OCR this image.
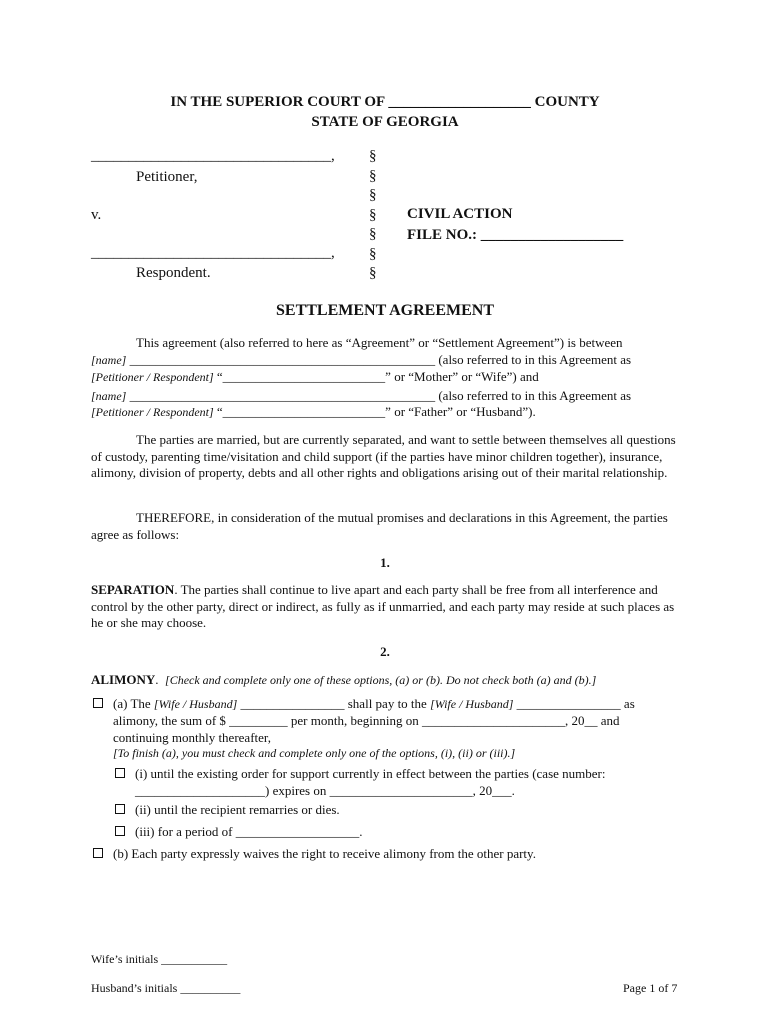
IN THE SUPERIOR COURT OF ___________________ COUNTY
STATE OF GEORGIA
________________________________,
Petitioner,
v.
________________________________,
Respondent.
§
§
§
§
§
§
§
CIVIL ACTION
FILE NO.: ___________________
SETTLEMENT AGREEMENT
This agreement (also referred to here as “Agreement” or “Settlement Agreement”) is between
[name] _______________________________________________ (also referred to in this Agreement as
[Petitioner / Respondent] “_________________________” or “Mother” or “Wife”) and
[name] _______________________________________________ (also referred to in this Agreement as
[Petitioner / Respondent] “_________________________” or “Father” or “Husband”).
The parties are married, but are currently separated, and want to settle between themselves all questions of custody, parenting time/visitation and child support (if the parties have minor children together), insurance, alimony, division of property, debts and all other rights and obligations arising out of their marital relationship.
THEREFORE, in consideration of the mutual promises and declarations in this Agreement, the parties agree as follows:
1.
SEPARATION. The parties shall continue to live apart and each party shall be free from all interference and control by the other party, direct or indirect, as fully as if unmarried, and each party may reside at such places as he or she may choose.
2.
ALIMONY.  [Check and complete only one of these options, (a) or (b). Do not check both (a) and (b).]
(a) The [Wife / Husband] ________________ shall pay to the [Wife / Husband] ________________ as
alimony, the sum of $ _________ per month, beginning on ______________________, 20__ and
continuing monthly thereafter,
[To finish (a), you must check and complete only one of the options, (i), (ii) or (iii).]
(i) until the existing order for support currently in effect between the parties (case number:
____________________) expires on ______________________, 20___.
(ii) until the recipient remarries or dies.
(iii) for a period of ___________________.
(b) Each party expressly waives the right to receive alimony from the other party.
Wife’s initials ___________
Husband’s initials __________	Page 1 of 7
